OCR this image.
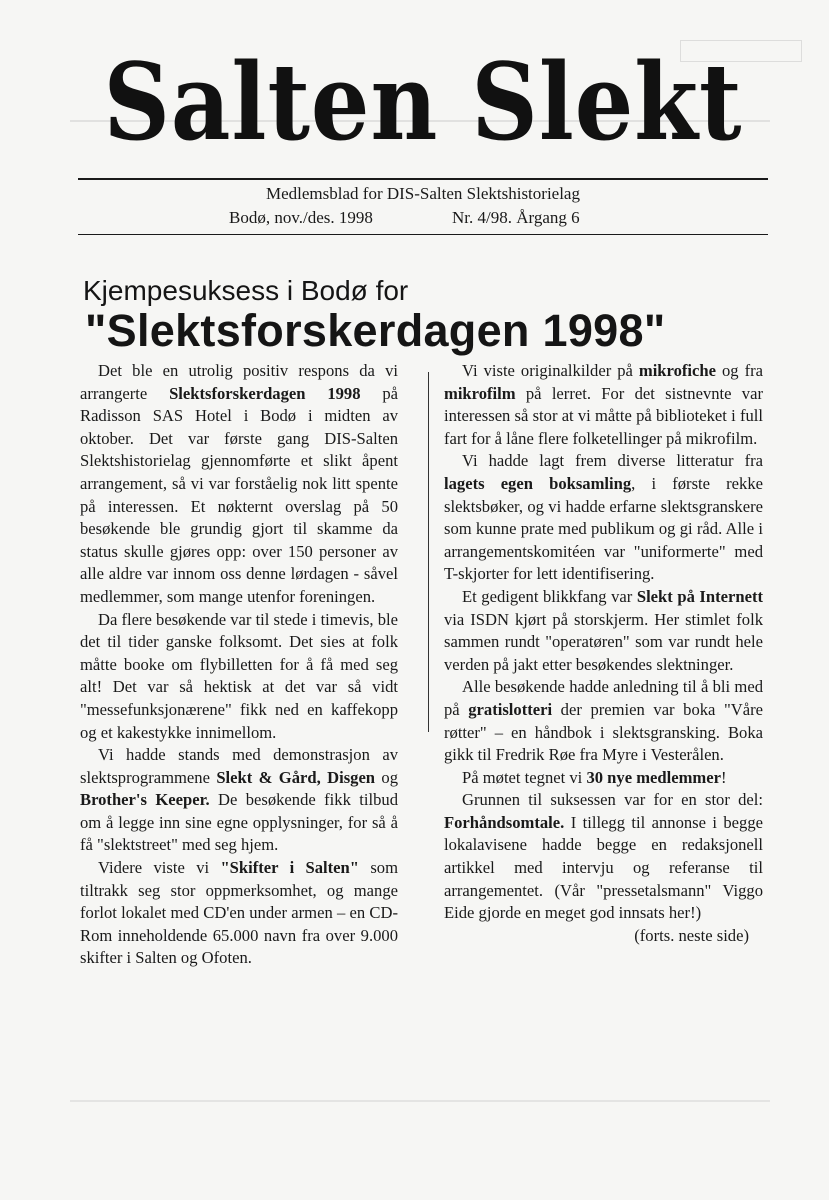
Salten Slekt
Medlemsblad for DIS-Salten Slektshistorielag
Bodø, nov./des. 1998	Nr. 4/98. Årgang 6
Kjempesuksess i Bodø for
"Slektsforskerdagen 1998"

Det ble en utrolig positiv respons da vi arrangerte Slektsforskerdagen 1998 på Radisson SAS Hotel i Bodø i midten av oktober. Det var første gang DIS-Salten Slektshistorielag gjennomførte et slikt åpent arrangement, så vi var forståelig nok litt spente på interessen. Et nøkternt overslag på 50 besøkende ble grundig gjort til skamme da status skulle gjøres opp: over 150 personer av alle aldre var innom oss denne lørdagen - såvel medlemmer, som mange utenfor foreningen.

Da flere besøkende var til stede i timevis, ble det til tider ganske folksomt. Det sies at folk måtte booke om flybilletten for å få med seg alt! Det var så hektisk at det var så vidt "messefunksjonærene" fikk ned en kaffekopp og et kakestykke innimellom.

Vi hadde stands med demonstrasjon av slektsprogrammene Slekt & Gård, Disgen og Brother's Keeper. De besøkende fikk tilbud om å legge inn sine egne opplysninger, for så å få "slektstreet" med seg hjem.

Videre viste vi "Skifter i Salten" som tiltrakk seg stor oppmerksomhet, og mange forlot lokalet med CD'en under armen – en CD-Rom inneholdende 65.000 navn fra over 9.000 skifter i Salten og Ofoten.

Vi viste originalkilder på mikrofiche og fra mikrofilm på lerret. For det sistnevnte var interessen så stor at vi måtte på biblioteket i full fart for å låne flere folketellinger på mikrofilm.

Vi hadde lagt frem diverse litteratur fra lagets egen boksamling, i første rekke slektsbøker, og vi hadde erfarne slektsgranskere som kunne prate med publikum og gi råd. Alle i arrangementskomitéen var "uniformerte" med T-skjorter for lett identifisering.

Et gedigent blikkfang var Slekt på Internett via ISDN kjørt på storskjerm. Her stimlet folk sammen rundt "operatøren" som var rundt hele verden på jakt etter besøkendes slektninger.

Alle besøkende hadde anledning til å bli med på gratislotteri der premien var boka "Våre røtter" – en håndbok i slektsgransking. Boka gikk til Fredrik Røe fra Myre i Vesterålen.

På møtet tegnet vi 30 nye medlemmer!

Grunnen til suksessen var for en stor del: Forhåndsomtale. I tillegg til annonse i begge lokalavisene hadde begge en redaksjonell artikkel med intervju og referanse til arrangementet. (Vår "pressetalsmann" Viggo Eide gjorde en meget god innsats her!)

(forts. neste side)
